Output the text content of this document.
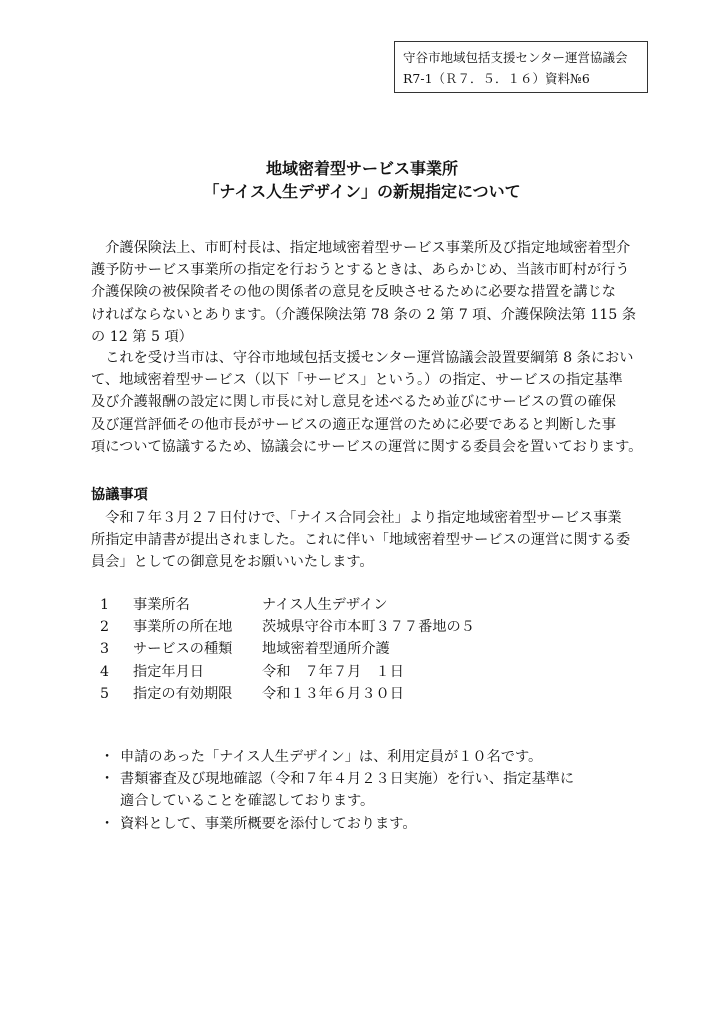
守谷市地域包括支援センター運営協議会
R7-1（Ｒ７．５．１６）資料№6
地域密着型サービス事業所
「ナイス人生デザイン」の新規指定について
　介護保険法上、市町村長は、指定地域密着型サービス事業所及び指定地域密着型介
護予防サービス事業所の指定を行おうとするときは、あらかじめ、当該市町村が行う
介護保険の被保険者その他の関係者の意見を反映させるために必要な措置を講じな
ければならないとあります。（介護保険法第 78 条の 2 第 7 項、介護保険法第 115 条
の 12 第 5 項）
　これを受け当市は、守谷市地域包括支援センター運営協議会設置要綱第 8 条におい
て、地域密着型サービス（以下「サービス」という。）の指定、サービスの指定基準
及び介護報酬の設定に関し市長に対し意見を述べるため並びにサービスの質の確保
及び運営評価その他市長がサービスの適正な運営のために必要であると判断した事
項について協議するため、協議会にサービスの運営に関する委員会を置いております。
協議事項
　令和７年３月２７日付けで、「ナイス合同会社」より指定地域密着型サービス事業
所指定申請書が提出されました。これに伴い「地域密着型サービスの運営に関する委
員会」としての御意見をお願いいたします。
1	事業所名	ナイス人生デザイン
2	事業所の所在地 茨城県守谷市本町３７７番地の５
3	サービスの種類 地域密着型通所介護
4	指定年月日	令和　７年７月　１日
5	指定の有効期限 令和１３年６月３０日
・ 申請のあった「ナイス人生デザイン」は、利用定員が１０名です。
・ 書類審査及び現地確認（令和７年４月２３日実施）を行い、指定基準に
適合していることを確認しております。
・ 資料として、事業所概要を添付しております。
